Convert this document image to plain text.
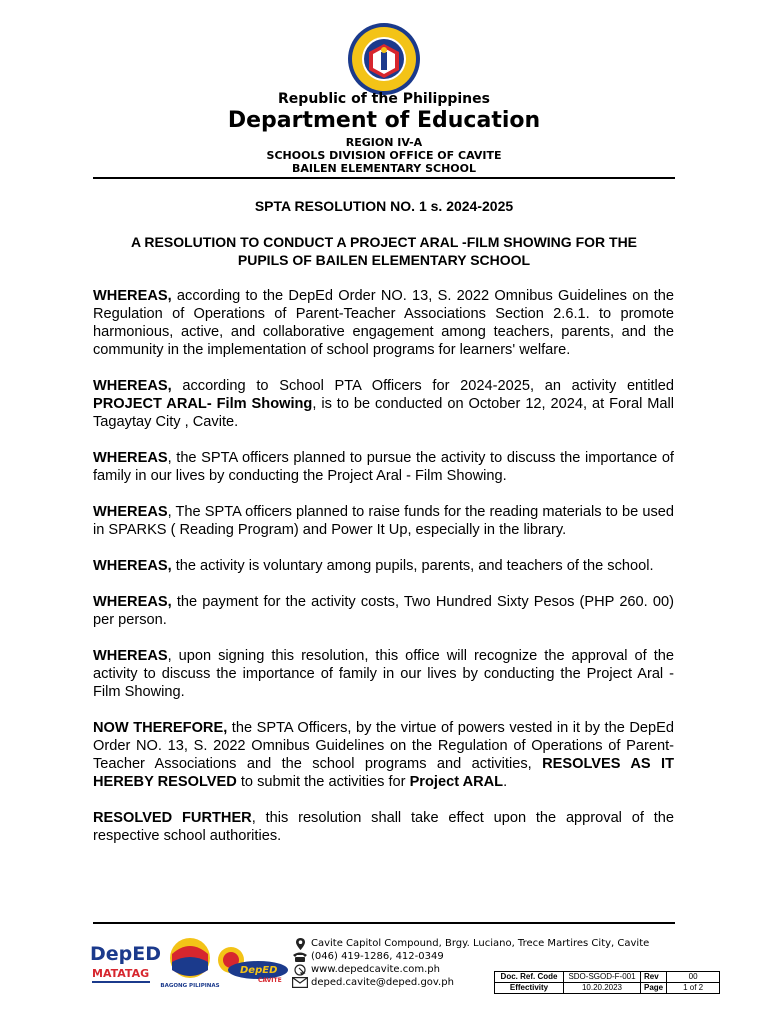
Republic of the Philippines
Department of Education
REGION IV-A
SCHOOLS DIVISION OFFICE OF CAVITE
BAILEN ELEMENTARY SCHOOL
SPTA RESOLUTION NO. 1 s. 2024-2025
A RESOLUTION TO CONDUCT A PROJECT ARAL -FILM SHOWING FOR THE
PUPILS OF BAILEN ELEMENTARY SCHOOL

WHEREAS, according to the DepEd Order NO. 13, S. 2022 Omnibus Guidelines on the Regulation of Operations of Parent-Teacher Associations Section 2.6.1. to promote harmonious, active, and collaborative engagement among teachers, parents, and the community in the implementation of school programs for learners' welfare.

WHEREAS, according to School PTA Officers for 2024-2025, an activity entitled PROJECT ARAL- Film Showing, is to be conducted on October 12, 2024, at Foral Mall Tagaytay City , Cavite.

WHEREAS, the SPTA officers planned to pursue the activity to discuss the importance of family in our lives by conducting the Project Aral - Film Showing.

WHEREAS, The SPTA officers planned to raise funds for the reading materials to be used in SPARKS ( Reading Program) and Power It Up, especially in the library.

WHEREAS, the activity is voluntary among pupils, parents, and teachers of the school.

WHEREAS, the payment for the activity costs, Two Hundred Sixty Pesos (PHP 260. 00) per person.

WHEREAS, upon signing this resolution, this office will recognize the approval of the activity to discuss the importance of family in our lives by conducting the Project Aral - Film Showing.

NOW THEREFORE, the SPTA Officers, by the virtue of powers vested in it by the DepEd Order NO. 13, S. 2022 Omnibus Guidelines on the Regulation of Operations of Parent-Teacher Associations and the school programs and activities, RESOLVES AS IT HEREBY RESOLVED to submit the activities for Project ARAL.

RESOLVED FURTHER, this resolution shall take effect upon the approval of the respective school authorities.

DepED
MATATAG
BAGONG PILIPINAS
DepED
CAVITE
Cavite Capitol Compound, Brgy. Luciano, Trece Martires City, Cavite
(046) 419-1286, 412-0349
www.depedcavite.com.ph
deped.cavite@deped.gov.ph
Doc. Ref. Code	SDO-SGOD-F-001	Rev	00
Effectivity	10.20.2023	Page	1 of 2
